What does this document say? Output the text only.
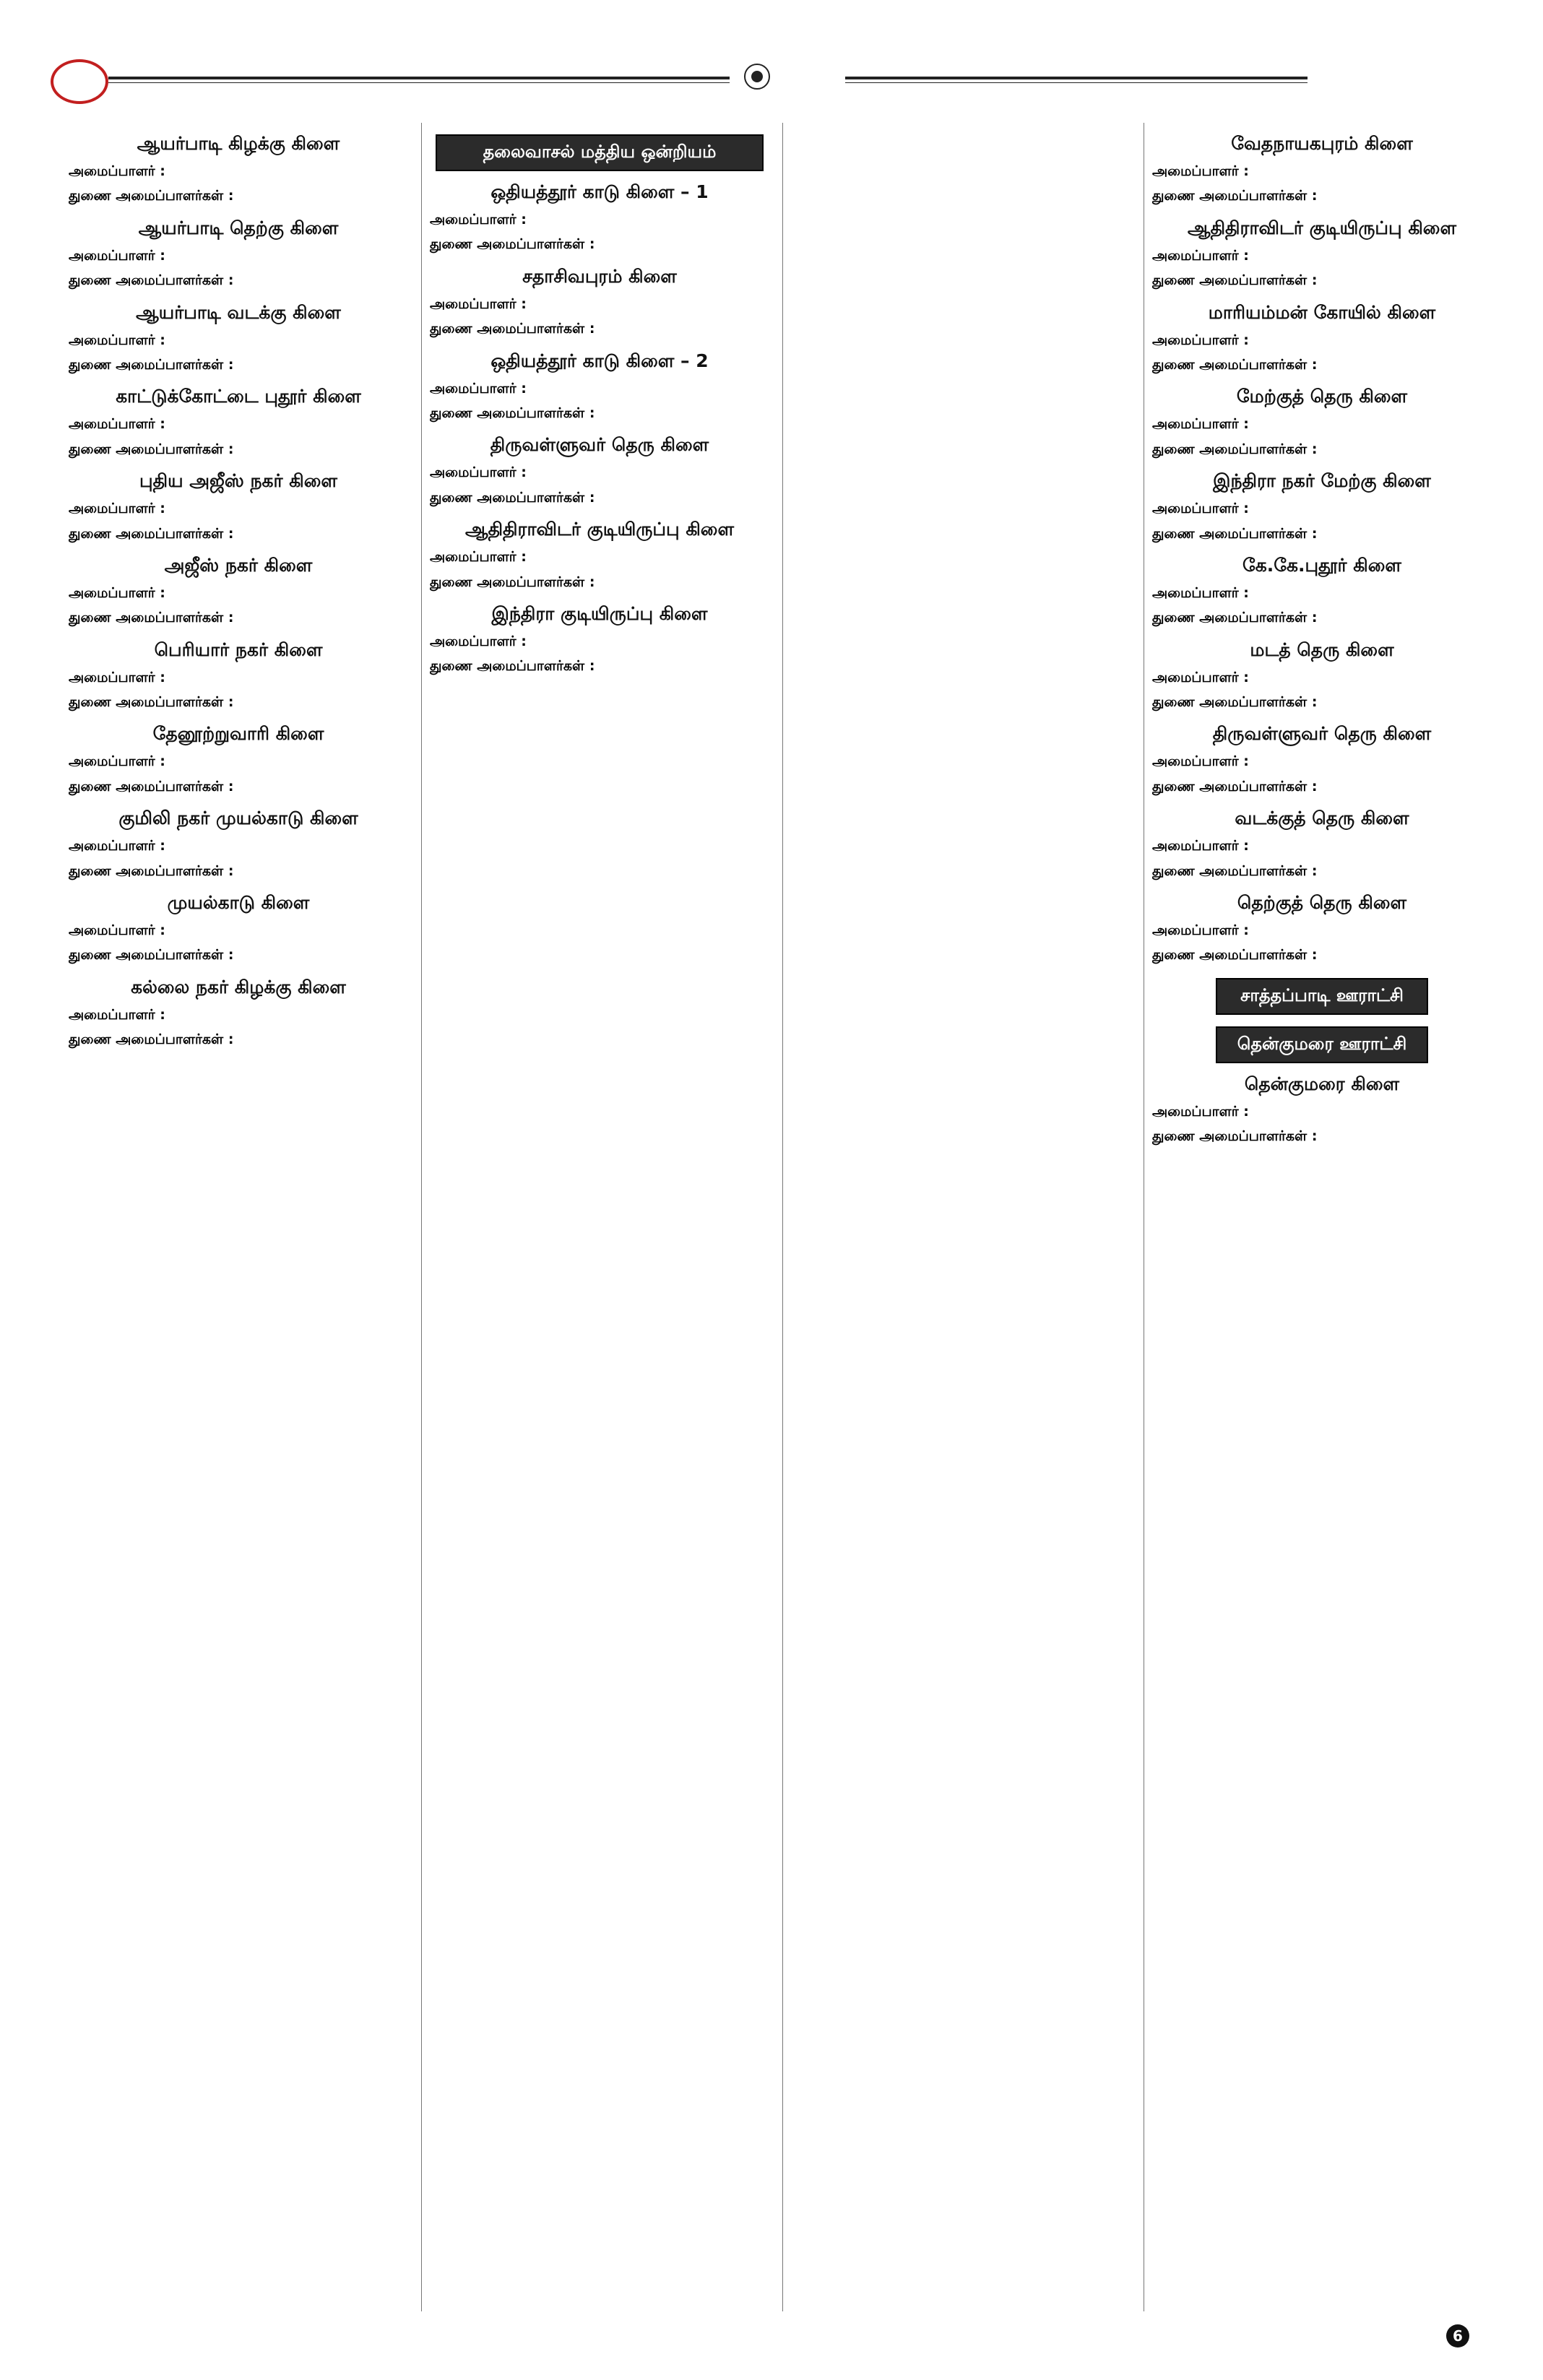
ஆயர்பாடி கிழக்கு கிளை

அமைப்பாளர் :

துணை அமைப்பாளர்கள் :

ஆயர்பாடி தெற்கு கிளை

அமைப்பாளர் :

துணை அமைப்பாளர்கள் :

ஆயர்பாடி வடக்கு கிளை

அமைப்பாளர் :

துணை அமைப்பாளர்கள் :

காட்டுக்கோட்டை புதூர் கிளை

அமைப்பாளர் :

துணை அமைப்பாளர்கள் :

புதிய அஜீஸ் நகர் கிளை

அமைப்பாளர் :

துணை அமைப்பாளர்கள் :

அஜீஸ் நகர் கிளை

அமைப்பாளர் :

துணை அமைப்பாளர்கள் :

பெரியார் நகர் கிளை

அமைப்பாளர் :

துணை அமைப்பாளர்கள் :

தேனூற்றுவாரி கிளை

அமைப்பாளர் :

துணை அமைப்பாளர்கள் :

குமிலி நகர் முயல்காடு கிளை

அமைப்பாளர் :

துணை அமைப்பாளர்கள் :

முயல்காடு கிளை

அமைப்பாளர் :

துணை அமைப்பாளர்கள் :

கல்லை நகர் கிழக்கு கிளை

அமைப்பாளர் :

துணை அமைப்பாளர்கள் :

தலைவாசல் மத்திய ஒன்றியம்
ஒதியத்தூர் காடு கிளை – 1

அமைப்பாளர் :

துணை அமைப்பாளர்கள் :

சதாசிவபுரம் கிளை

அமைப்பாளர் :

துணை அமைப்பாளர்கள் :

ஒதியத்தூர் காடு கிளை – 2

அமைப்பாளர் :

துணை அமைப்பாளர்கள் :

திருவள்ளுவர் தெரு கிளை

அமைப்பாளர் :

துணை அமைப்பாளர்கள் :

ஆதிதிராவிடர் குடியிருப்பு கிளை

அமைப்பாளர் :

துணை அமைப்பாளர்கள் :

இந்திரா குடியிருப்பு கிளை

அமைப்பாளர் :

துணை அமைப்பாளர்கள் :

வேதநாயகபுரம் கிளை

அமைப்பாளர் :

துணை அமைப்பாளர்கள் :

ஆதிதிராவிடர் குடியிருப்பு கிளை

அமைப்பாளர் :

துணை அமைப்பாளர்கள் :

மாரியம்மன் கோயில் கிளை

அமைப்பாளர் :

துணை அமைப்பாளர்கள் :

மேற்குத் தெரு கிளை

அமைப்பாளர் :

துணை அமைப்பாளர்கள் :

இந்திரா நகர் மேற்கு கிளை

அமைப்பாளர் :

துணை அமைப்பாளர்கள் :

கே.கே.புதூர் கிளை

அமைப்பாளர் :

துணை அமைப்பாளர்கள் :

மடத் தெரு கிளை

அமைப்பாளர் :

துணை அமைப்பாளர்கள் :

திருவள்ளுவர் தெரு கிளை

அமைப்பாளர் :

துணை அமைப்பாளர்கள் :

வடக்குத் தெரு கிளை

அமைப்பாளர் :

துணை அமைப்பாளர்கள் :

தெற்குத் தெரு கிளை

அமைப்பாளர் :

துணை அமைப்பாளர்கள் :

சாத்தப்பாடி ஊராட்சி
தென்குமரை ஊராட்சி
தென்குமரை கிளை

அமைப்பாளர் :

துணை அமைப்பாளர்கள் :

6
